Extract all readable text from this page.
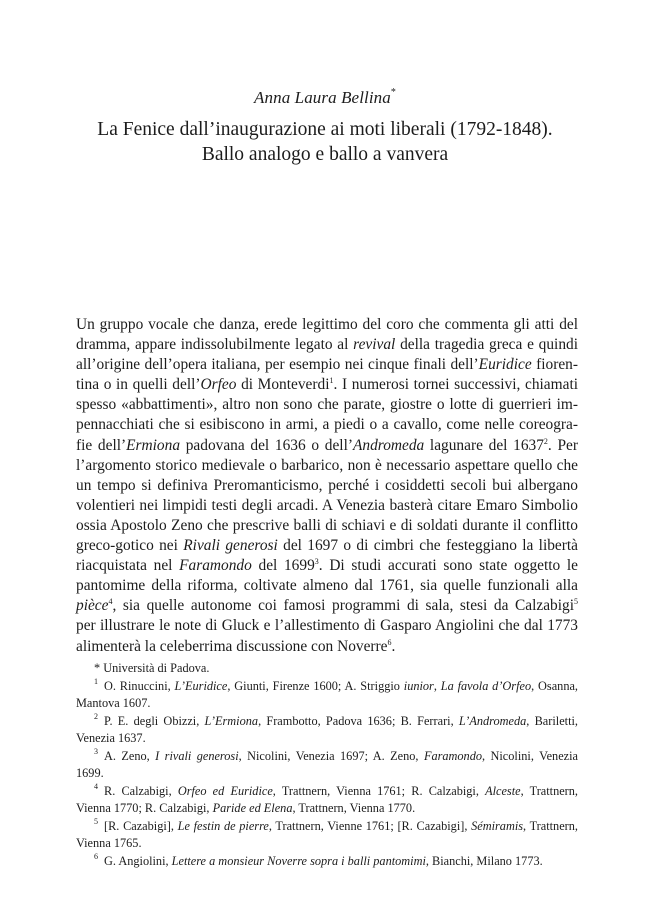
Anna Laura Bellina*
La Fenice dall’inaugurazione ai moti liberali (1792-1848).
Ballo analogo e ballo a vanvera
Un gruppo vocale che danza, erede legittimo del coro che commenta gli atti del
dramma, appare indissolubilmente legato al revival della tragedia greca e quindi
all’origine dell’opera italiana, per esempio nei cinque finali dell’Euridice fioren-
tina o in quelli dell’Orfeo di Monteverdi$^1$. I numerosi tornei successivi, chiamati
spesso «abbattimenti», altro non sono che parate, giostre o lotte di guerrieri im-
pennacchiati che si esibiscono in armi, a piedi o a cavallo, come nelle coreogra-
fie dell’Ermiona padovana del 1636 o dell’Andromeda lagunare del 1637$^2$. Per
l’argomento storico medievale o barbarico, non è necessario aspettare quello che
un tempo si definiva Preromanticismo, perché i cosiddetti secoli bui albergano
volentieri nei limpidi testi degli arcadi. A Venezia basterà citare Emaro Simbolio
ossia Apostolo Zeno che prescrive balli di schiavi e di soldati durante il conflitto
greco-gotico nei Rivali generosi del 1697 o di cimbri che festeggiano la libertà
riacquistata nel Faramondo del 1699$^3$. Di studi accurati sono state oggetto le
pantomime della riforma, coltivate almeno dal 1761, sia quelle funzionali alla
pièce$^4$, sia quelle autonome coi famosi programmi di sala, stesi da Calzabigi$^5$
per illustrare le note di Gluck e l’allestimento di Gasparo Angiolini che dal 1773
alimenterà la celeberrima discussione con Noverre$^6$.
* Università di Padova.
$^1$ O. Rinuccini, L’Euridice, Giunti, Firenze 1600; A. Striggio iunior, La favola d’Orfeo, Osanna,
Mantova 1607.
$^2$ P. E. degli Obizzi, L’Ermiona, Frambotto, Padova 1636; B. Ferrari, L’Andromeda, Bariletti,
Venezia 1637.
$^3$ A. Zeno, I rivali generosi, Nicolini, Venezia 1697; A. Zeno, Faramondo, Nicolini, Venezia
1699.
$^4$ R. Calzabigi, Orfeo ed Euridice, Trattnern, Vienna 1761; R. Calzabigi, Alceste, Trattnern,
Vienna 1770; R. Calzabigi, Paride ed Elena, Trattnern, Vienna 1770.
$^5$ [R. Cazabigi], Le festin de pierre, Trattnern, Vienne 1761; [R. Cazabigi], Sémiramis, Trattnern,
Vienna 1765.
$^6$ G. Angiolini, Lettere a monsieur Noverre sopra i balli pantomimi, Bianchi, Milano 1773.
